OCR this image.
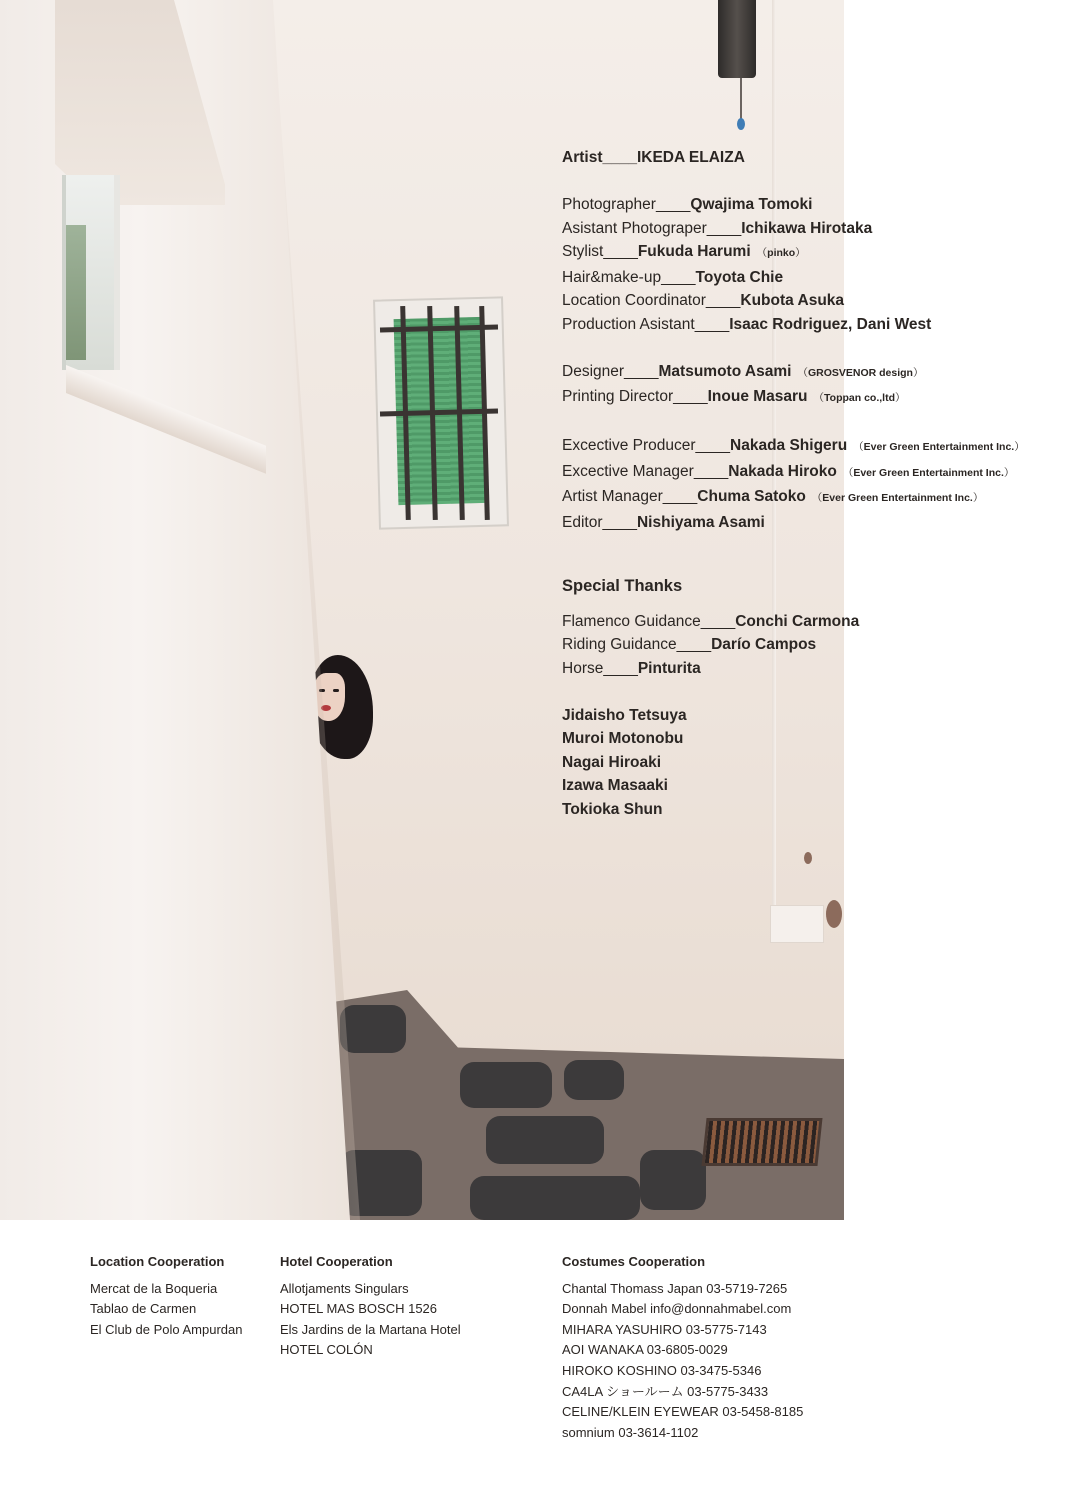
Artist____IKEDA ELAIZA
Photographer____Qwajima Tomoki
Asistant Photograper____Ichikawa Hirotaka
Stylist____Fukuda Harumi （ pinko ）
Hair&make-up____Toyota Chie
Location Coordinator____Kubota Asuka
Production Asistant____Isaac Rodriguez, Dani West
Designer____Matsumoto Asami （ GROSVENOR design ）
Printing Director____Inoue Masaru （ Toppan co.,ltd ）
Excective Producer____Nakada Shigeru （ Ever Green Entertainment Inc. ）
Excective Manager____Nakada Hiroko （ Ever Green Entertainment Inc. ）
Artist Manager____Chuma Satoko （ Ever Green Entertainment Inc. ）
Editor____Nishiyama Asami
Special Thanks
Flamenco Guidance____Conchi Carmona
Riding Guidance____Darío Campos
Horse____Pinturita
Jidaisho Tetsuya
Muroi Motonobu
Nagai Hiroaki
Izawa Masaaki
Tokioka Shun
Location Cooperation
Mercat de la Boqueria
Tablao de Carmen
El Club de Polo Ampurdan
Hotel Cooperation
Allotjaments Singulars
HOTEL MAS BOSCH 1526
Els Jardins de la Martana Hotel
HOTEL COLÓN
Costumes Cooperation
Chantal Thomass Japan 03-5719-7265
Donnah Mabel info@donnahmabel.com
MIHARA YASUHIRO 03-5775-7143
AOI WANAKA 03-6805-0029
HIROKO KOSHINO 03-3475-5346
CA4LA ショールーム 03-5775-3433
CELINE/KLEIN EYEWEAR 03-5458-8185
somnium 03-3614-1102
